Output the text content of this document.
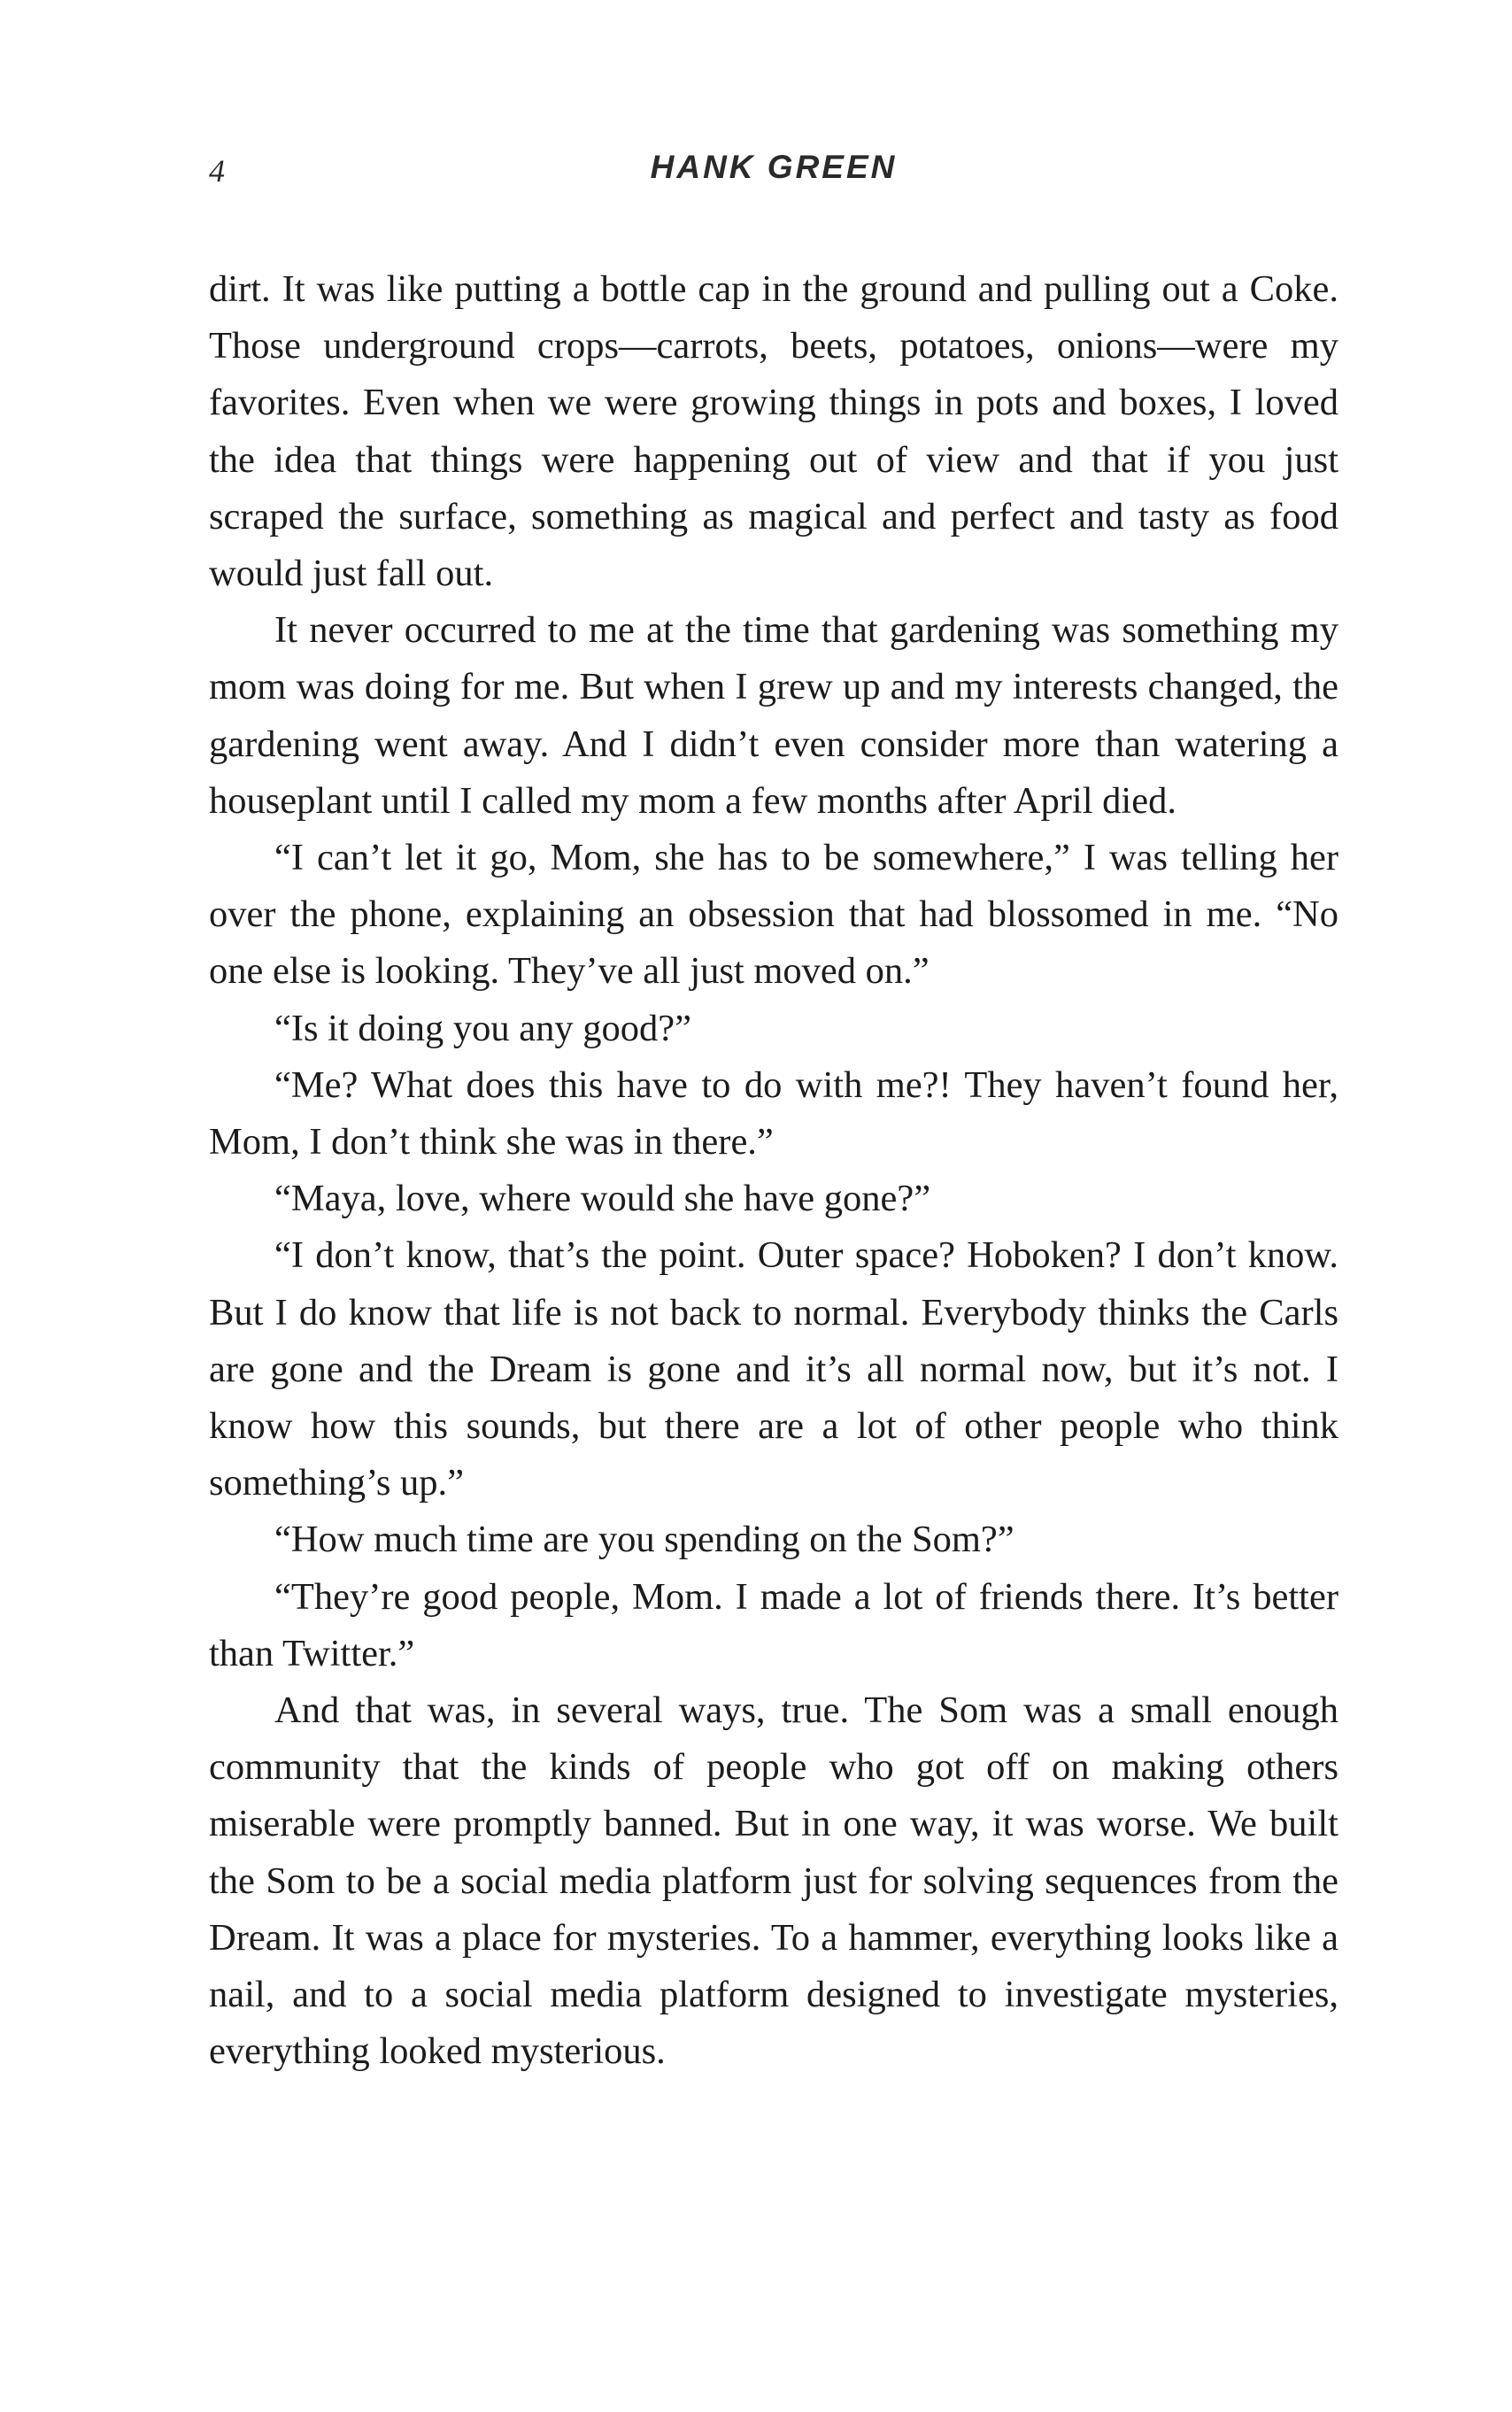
4	HANK GREEN

dirt. It was like putting a bottle cap in the ground and pulling out a Coke. Those underground crops—carrots, beets, potatoes, onions—were my favorites. Even when we were growing things in pots and boxes, I loved the idea that things were happening out of view and that if you just scraped the surface, something as magical and perfect and tasty as food would just fall out.

It never occurred to me at the time that gardening was something my mom was doing for me. But when I grew up and my interests changed, the gardening went away. And I didn’t even consider more than watering a houseplant until I called my mom a few months after April died.

“I can’t let it go, Mom, she has to be somewhere,” I was telling her over the phone, explaining an obsession that had blossomed in me. “No one else is looking. They’ve all just moved on.”

“Is it doing you any good?”

“Me? What does this have to do with me?! They haven’t found her, Mom, I don’t think she was in there.”

“Maya, love, where would she have gone?”

“I don’t know, that’s the point. Outer space? Hoboken? I don’t know. But I do know that life is not back to normal. Everybody thinks the Carls are gone and the Dream is gone and it’s all normal now, but it’s not. I know how this sounds, but there are a lot of other people who think something’s up.”

“How much time are you spending on the Som?”

“They’re good people, Mom. I made a lot of friends there. It’s better than Twitter.”

And that was, in several ways, true. The Som was a small enough community that the kinds of people who got off on making others miserable were promptly banned. But in one way, it was worse. We built the Som to be a social media platform just for solving sequences from the Dream. It was a place for mysteries. To a hammer, everything looks like a nail, and to a social media platform designed to investigate mysteries, everything looked mysterious.
